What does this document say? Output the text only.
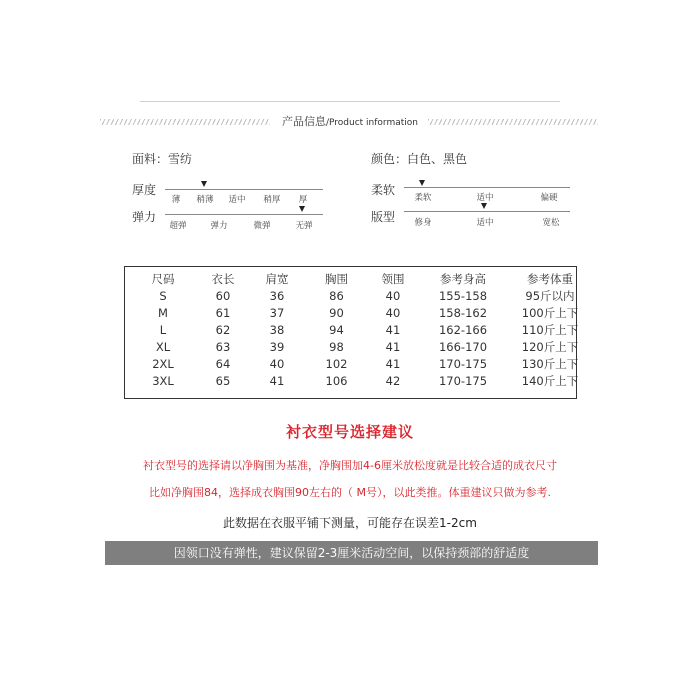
产品信息/Product information
面料：雪纺	颜色：白色、黑色
厚度
薄 稍薄 适中 稍厚 厚
弹力
超弹	弹力	微弹	无弹
柔软
柔软	适中	偏硬
版型 修身	适中	宽松
尺码	衣长	肩宽	胸围	领围	参考身高	参考体重
S	60	36	86	40	155-158	95斤以内
M	61	37	90	40	158-162	100斤上下
L	62	38	94	41	162-166	110斤上下
XL	63	39	98	41	166-170	120斤上下
2XL	64	40	102	41	170-175	130斤上下
3XL	65	41	106	42	170-175	140斤上下
衬衣型号选择建议
衬衣型号的选择请以净胸围为基准，净胸围加4-6厘米放松度就是比较合适的成衣尺寸
比如净胸围84，选择成衣胸围90左右的（ M号），以此类推。体重建议只做为参考.
此数据在衣服平铺下测量，可能存在误差1-2cm
因领口没有弹性，建议保留2-3厘米活动空间，以保持颈部的舒适度
